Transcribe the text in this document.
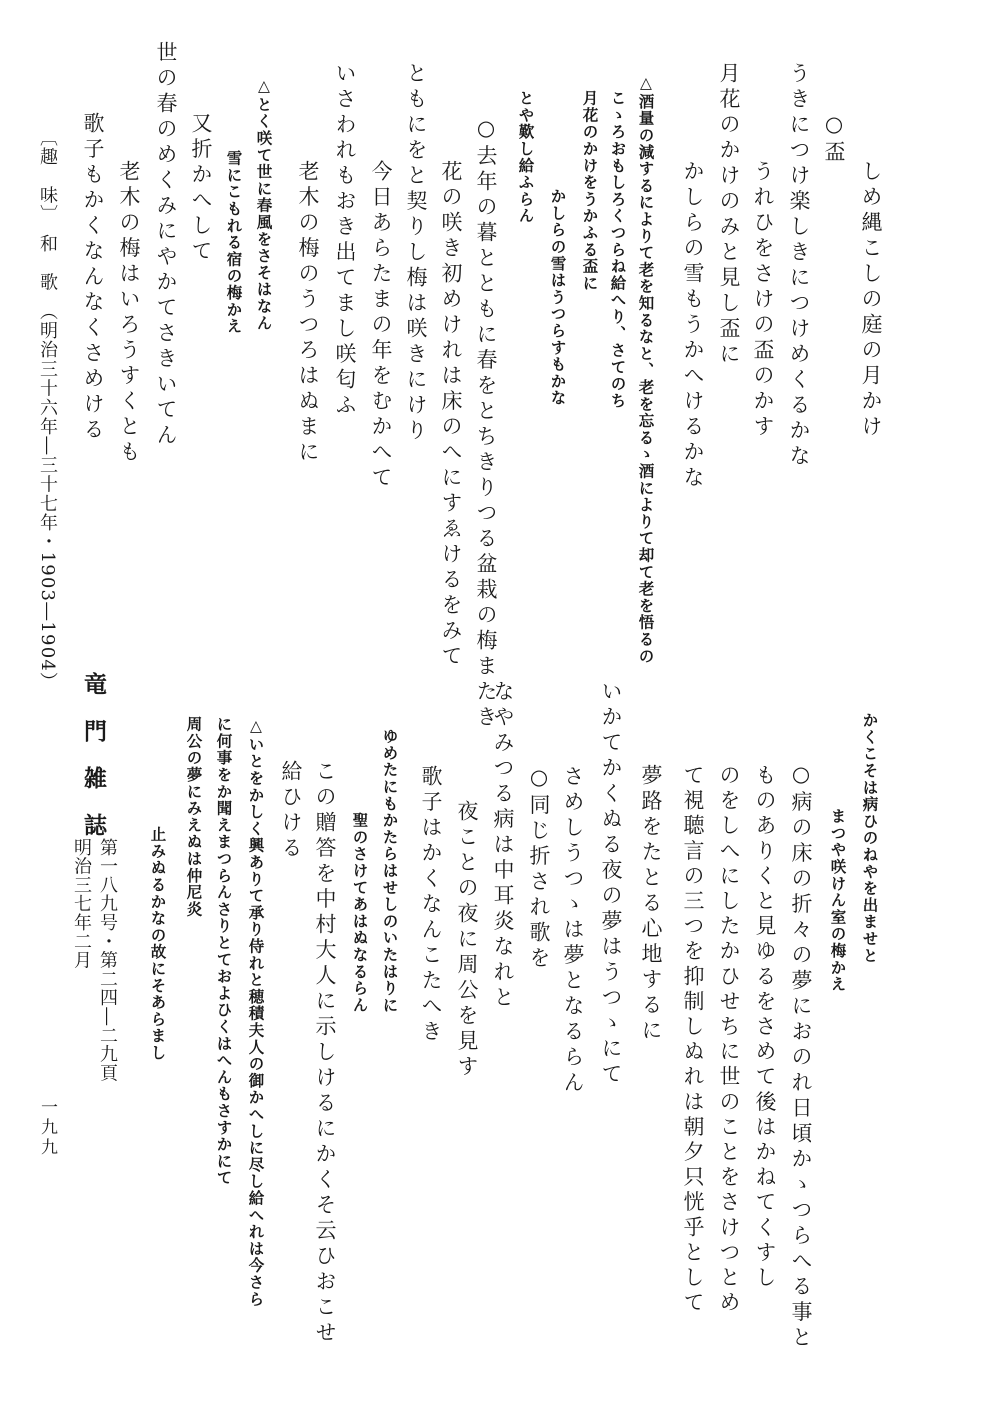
しめ縄こしの庭の月かけ
○盃
うきにつけ楽しきにつけめくるかな
うれひをさけの盃のかす
月花のかけのみと見し盃に
かしらの雪もうかへけるかな
△酒量の減するによりて老を知るなと、老を忘るゝ酒によりて却て老を悟るの
こゝろおもしろくつらね給へり、さてのち
月花のかけをうかふる盃に
かしらの雪はうつらすもかな
とや歎し給ふらん
○去年の暮とともに春をとちきりつる盆栽の梅またき
花の咲き初めけれは床のへにすゑけるをみて
ともにをと契りし梅は咲きにけり
今日あらたまの年をむかへて
いさわれもおき出てまし咲匂ふ
老木の梅のうつろはぬまに
△とく咲て世に春風をさそはなん
雪にこもれる宿の梅かえ
世の春のめくみにやかてさきいてん 又折かへして
老木の梅はいろうすくとも
歌子もかくなんなくさめける
〔趣　味〕　和　歌　（明治三十六年―三十七年・1903―1904）
かくこそは病ひのねやを出ませと
まつや咲けん室の梅かえ
○病の床の折々の夢におのれ日頃かゝつらへる事と
ものありくと見ゆるをさめて後はかねてくすし
のをしへにしたかひせちに世のことをさけつとめ
て視聴言の三つを抑制しぬれは朝夕只恍乎として
夢路をたとる心地するに
いかてかくぬる夜の夢はうつゝにて
さめしうつゝは夢となるらん
○同じ折され歌を
なやみつる病は中耳炎なれと
歌子はかくなんこたへき 夜ことの夜に周公を見す
ゆめたにもかたらはせしのいたはりに
聖のさけてあはぬなるらん
この贈答を中村大人に示しけるにかくそ云ひおこせ
給ひける
△いとをかしく興ありて承り侍れと穂積夫人の御かへしに尽し給へれは今さら
に何事をか聞えまつらんさりとておよひくはへんもさすかにて
周公の夢にみえぬは仲尼炎
止みぬるかなの故にそあらまし
第一八九号・第二四―二九頁
明治三七年二月
竜門雑誌
一九九
